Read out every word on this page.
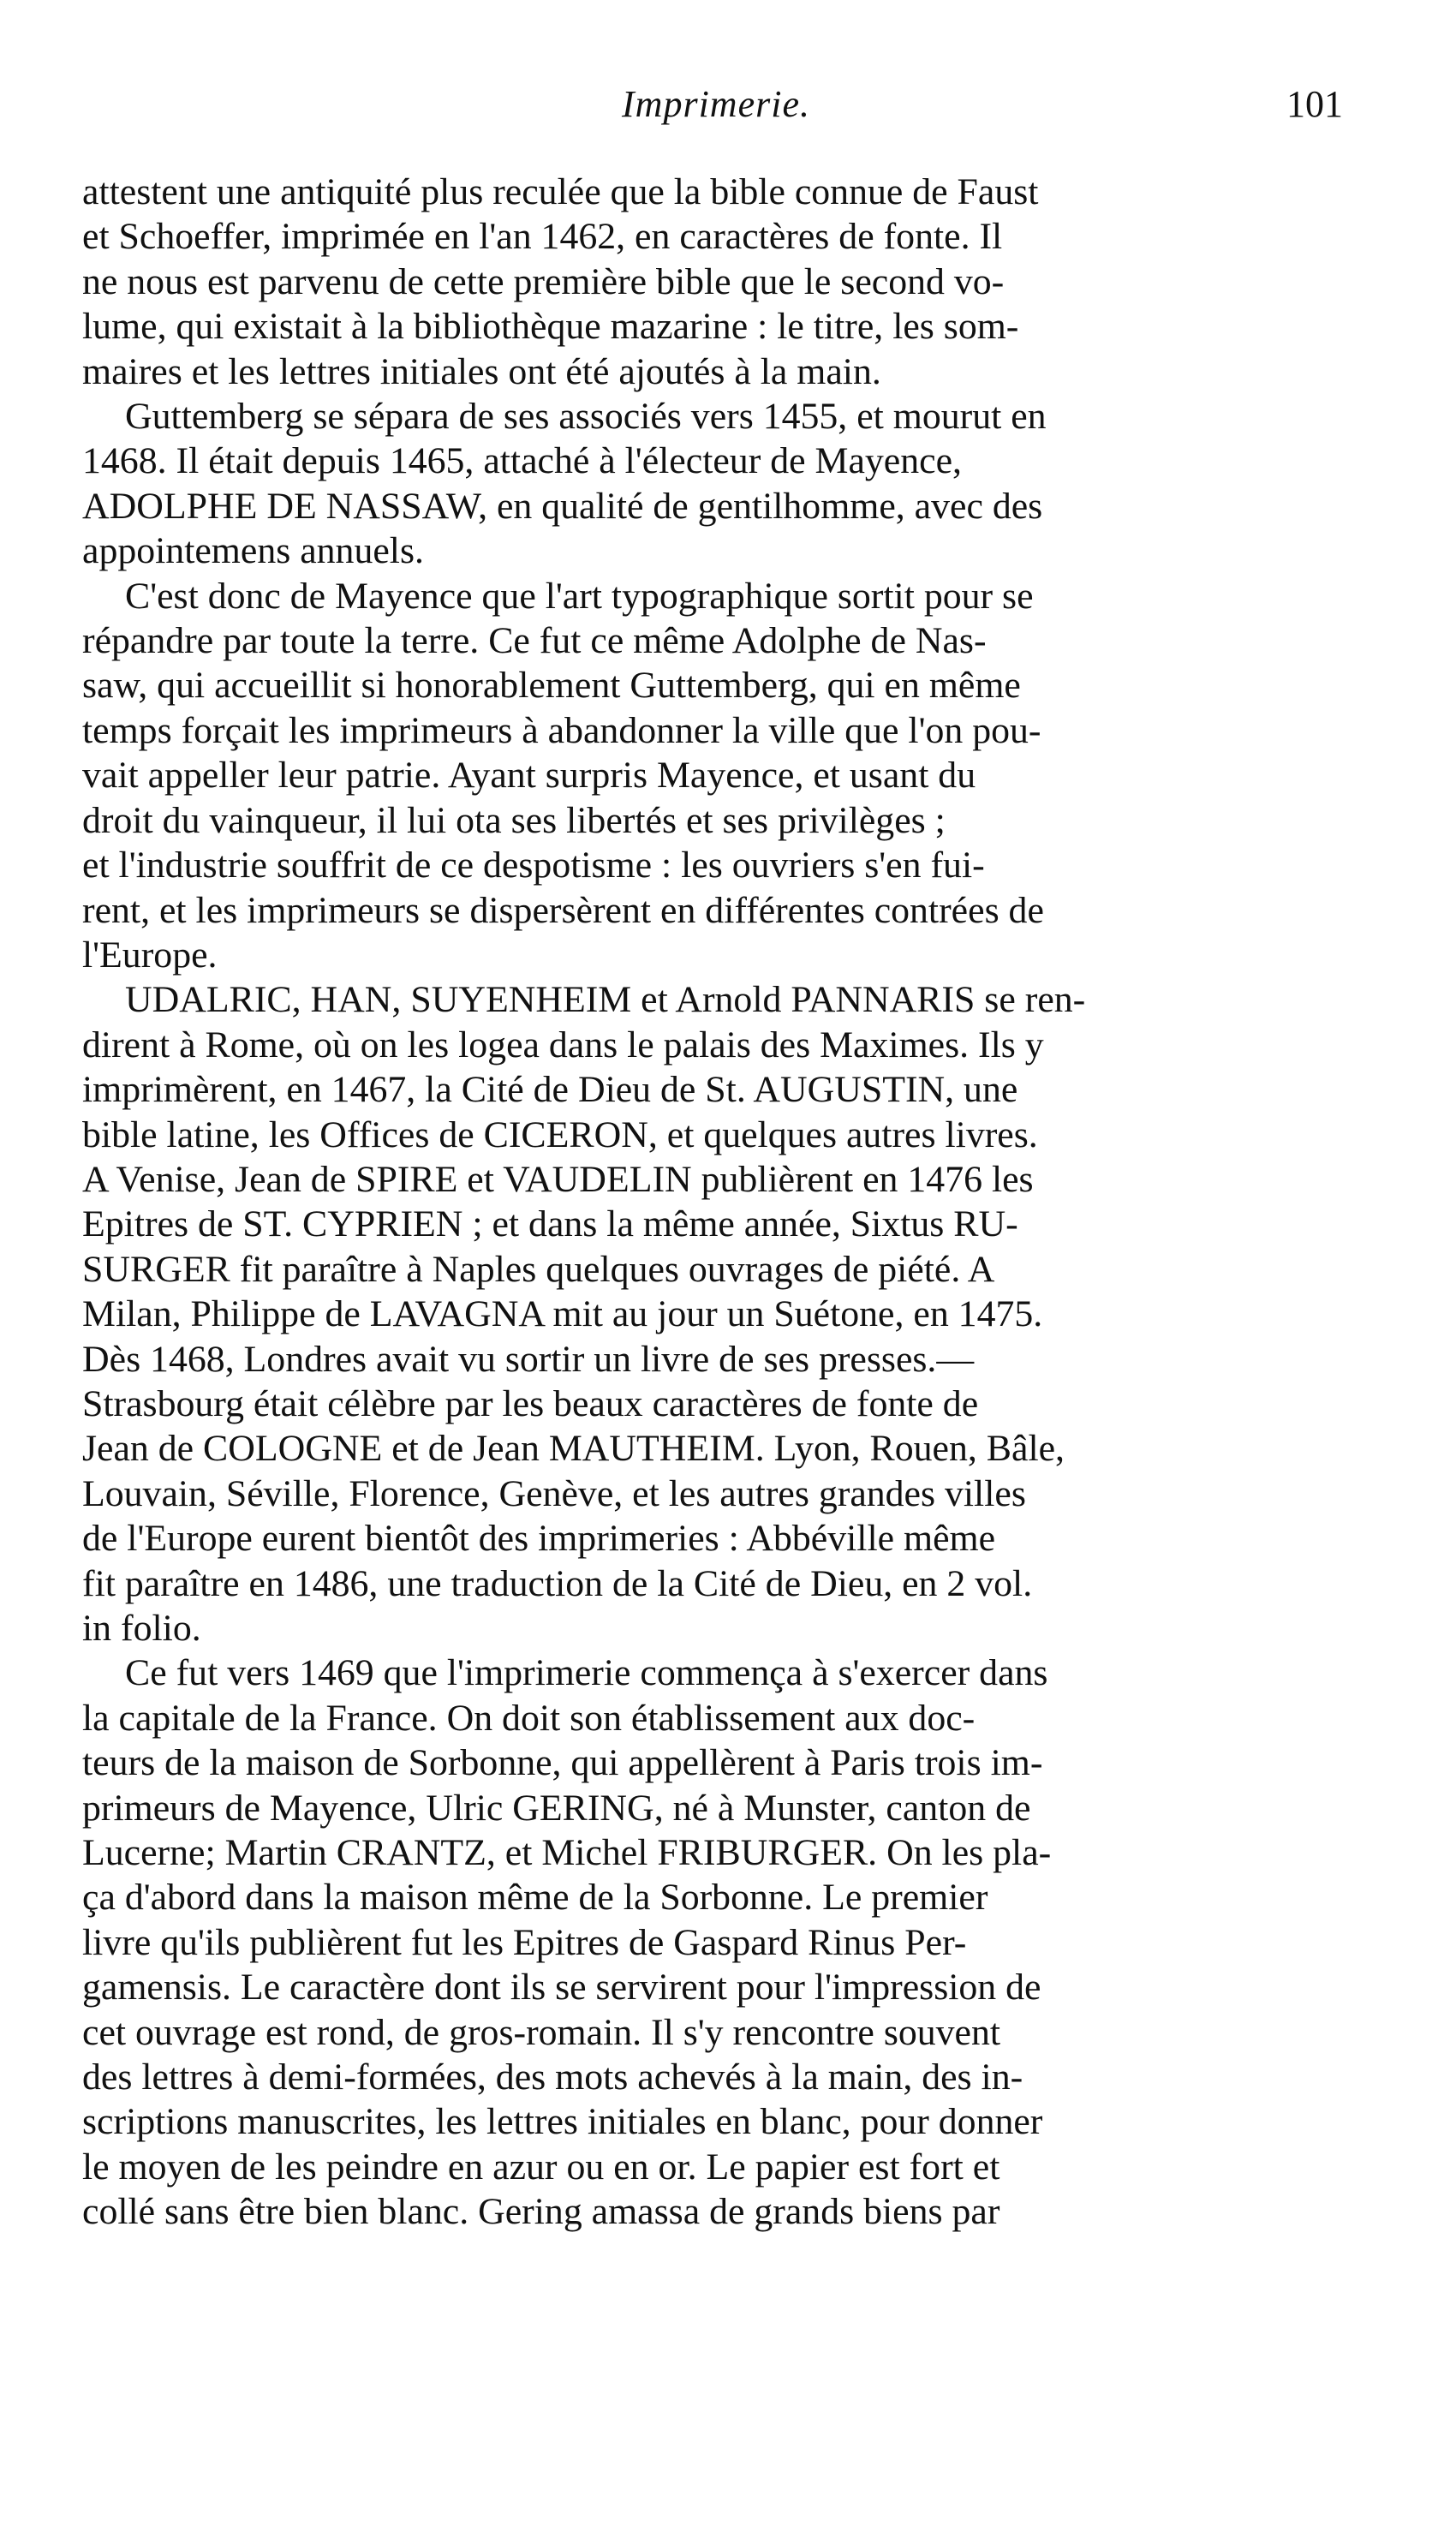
Imprimerie.	101
attestent une antiquité plus reculée que la bible connue de Faust
et Schoeffer, imprimée en l'an 1462, en caractères de fonte. Il
ne nous est parvenu de cette première bible que le second vo-
lume, qui existait à la bibliothèque mazarine : le titre, les som-
maires et les lettres initiales ont été ajoutés à la main.
Guttemberg se sépara de ses associés vers 1455, et mourut en
1468. Il était depuis 1465, attaché à l'électeur de Mayence,
ADOLPHE DE NASSAW, en qualité de gentilhomme, avec des
appointemens annuels.
C'est donc de Mayence que l'art typographique sortit pour se
répandre par toute la terre. Ce fut ce même Adolphe de Nas-
saw, qui accueillit si honorablement Guttemberg, qui en même
temps forçait les imprimeurs à abandonner la ville que l'on pou-
vait appeller leur patrie. Ayant surpris Mayence, et usant du
droit du vainqueur, il lui ota ses libertés et ses privilèges ;
et l'industrie souffrit de ce despotisme : les ouvriers s'en fui-
rent, et les imprimeurs se dispersèrent en différentes contrées de
l'Europe.
UDALRIC, HAN, SUYENHEIM et Arnold PANNARIS se ren-
dirent à Rome, où on les logea dans le palais des Maximes. Ils y
imprimèrent, en 1467, la Cité de Dieu de St. AUGUSTIN, une
bible latine, les Offices de CICERON, et quelques autres livres.
A Venise, Jean de SPIRE et VAUDELIN publièrent en 1476 les
Epitres de ST. CYPRIEN ; et dans la même année, Sixtus RU-
SURGER fit paraître à Naples quelques ouvrages de piété. A
Milan, Philippe de LAVAGNA mit au jour un Suétone, en 1475.
Dès 1468, Londres avait vu sortir un livre de ses presses.—
Strasbourg était célèbre par les beaux caractères de fonte de
Jean de COLOGNE et de Jean MAUTHEIM. Lyon, Rouen, Bâle,
Louvain, Séville, Florence, Genève, et les autres grandes villes
de l'Europe eurent bientôt des imprimeries : Abbéville même
fit paraître en 1486, une traduction de la Cité de Dieu, en 2 vol.
in folio.
Ce fut vers 1469 que l'imprimerie commença à s'exercer dans
la capitale de la France. On doit son établissement aux doc-
teurs de la maison de Sorbonne, qui appellèrent à Paris trois im-
primeurs de Mayence, Ulric GERING, né à Munster, canton de
Lucerne; Martin CRANTZ, et Michel FRIBURGER. On les pla-
ça d'abord dans la maison même de la Sorbonne. Le premier
livre qu'ils publièrent fut les Epitres de Gaspard Rinus Per-
gamensis. Le caractère dont ils se servirent pour l'impression de
cet ouvrage est rond, de gros-romain. Il s'y rencontre souvent
des lettres à demi-formées, des mots achevés à la main, des in-
scriptions manuscrites, les lettres initiales en blanc, pour donner
le moyen de les peindre en azur ou en or. Le papier est fort et
collé sans être bien blanc. Gering amassa de grands biens par
